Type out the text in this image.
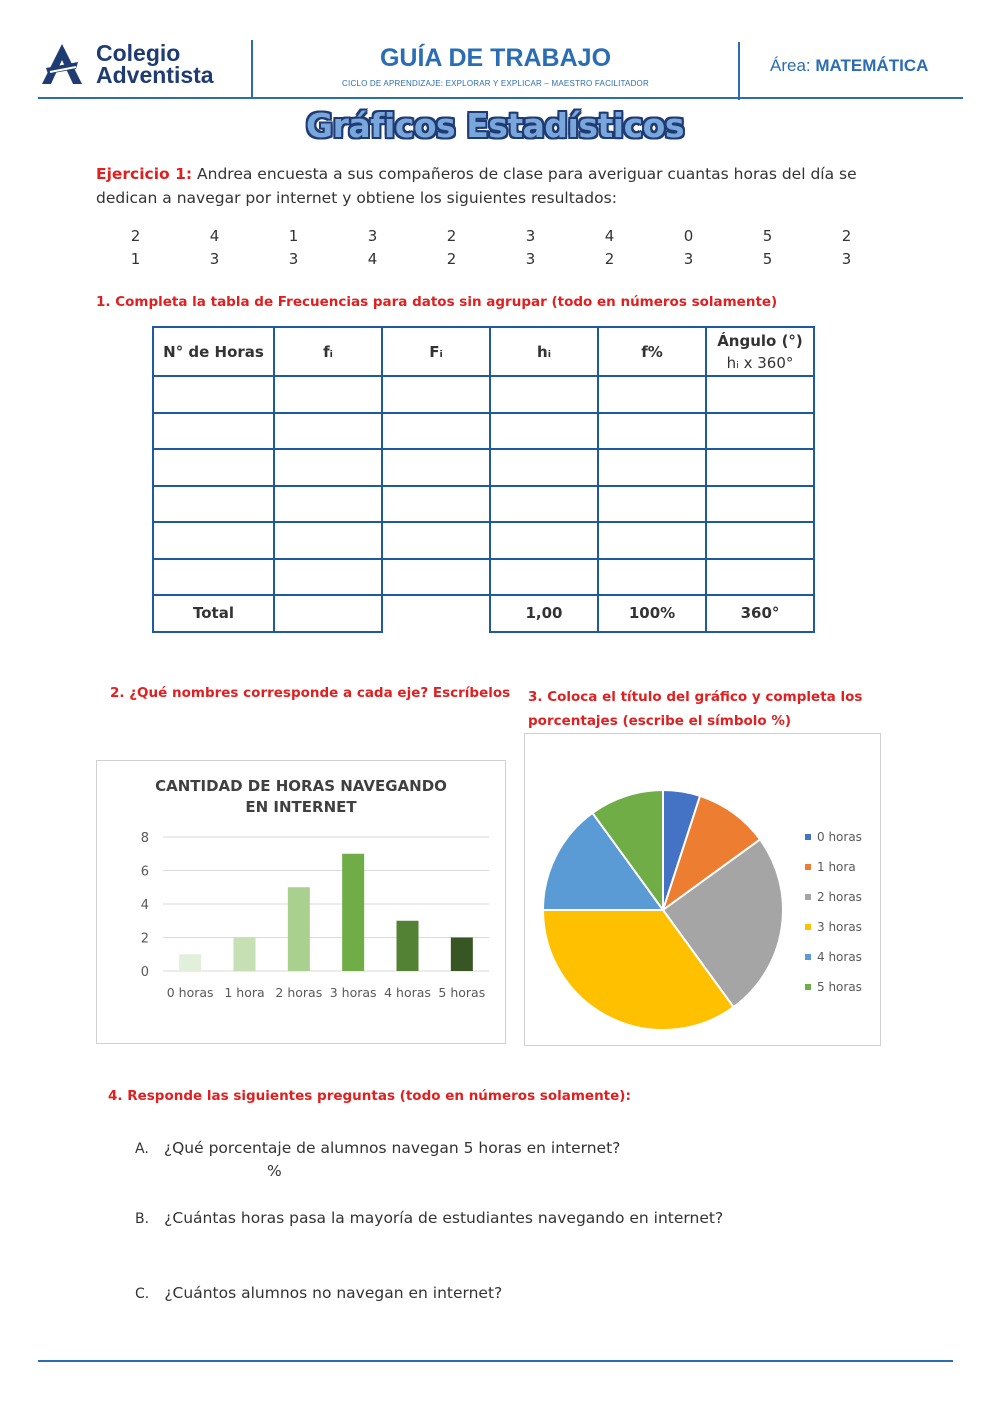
Colegio
Adventista
GUÍA DE TRABAJO
CICLO DE APRENDIZAJE: EXPLORAR Y EXPLICAR – MAESTRO FACILITADOR
Área: MATEMÁTICA
Gráficos Estadísticos
Ejercicio 1: Andrea encuesta a sus compañeros de clase para averiguar cuantas horas del día se dedican a navegar por internet y obtiene los siguientes resultados:
2	4	1	3	2	3	4	0	5	2
1	3	3	4	2	3	2	3	5	3
1. Completa la tabla de Frecuencias para datos sin agrupar (todo en números solamente)
N° de Horas	fᵢ	Fᵢ	hᵢ	f%	Ángulo (°)
hᵢ x 360°

Total			1,00	100%	360°
2. ¿Qué nombres corresponde a cada eje? Escríbelos 3. Coloca el título del gráfico y completa los
porcentajes (escribe el símbolo %)
CANTIDAD DE HORAS NAVEGANDO
EN INTERNET
0
2
4
6
8
0 horas 1 hora 2 horas 3 horas 4 horas 5 horas
0 horas
1 hora
2 horas
3 horas
4 horas
5 horas
4. Responde las siguientes preguntas (todo en números solamente):
A. ¿Qué porcentaje de alumnos navegan 5 horas en internet?
%
B. ¿Cuántas horas pasa la mayoría de estudiantes navegando en internet?
C. ¿Cuántos alumnos no navegan en internet?
